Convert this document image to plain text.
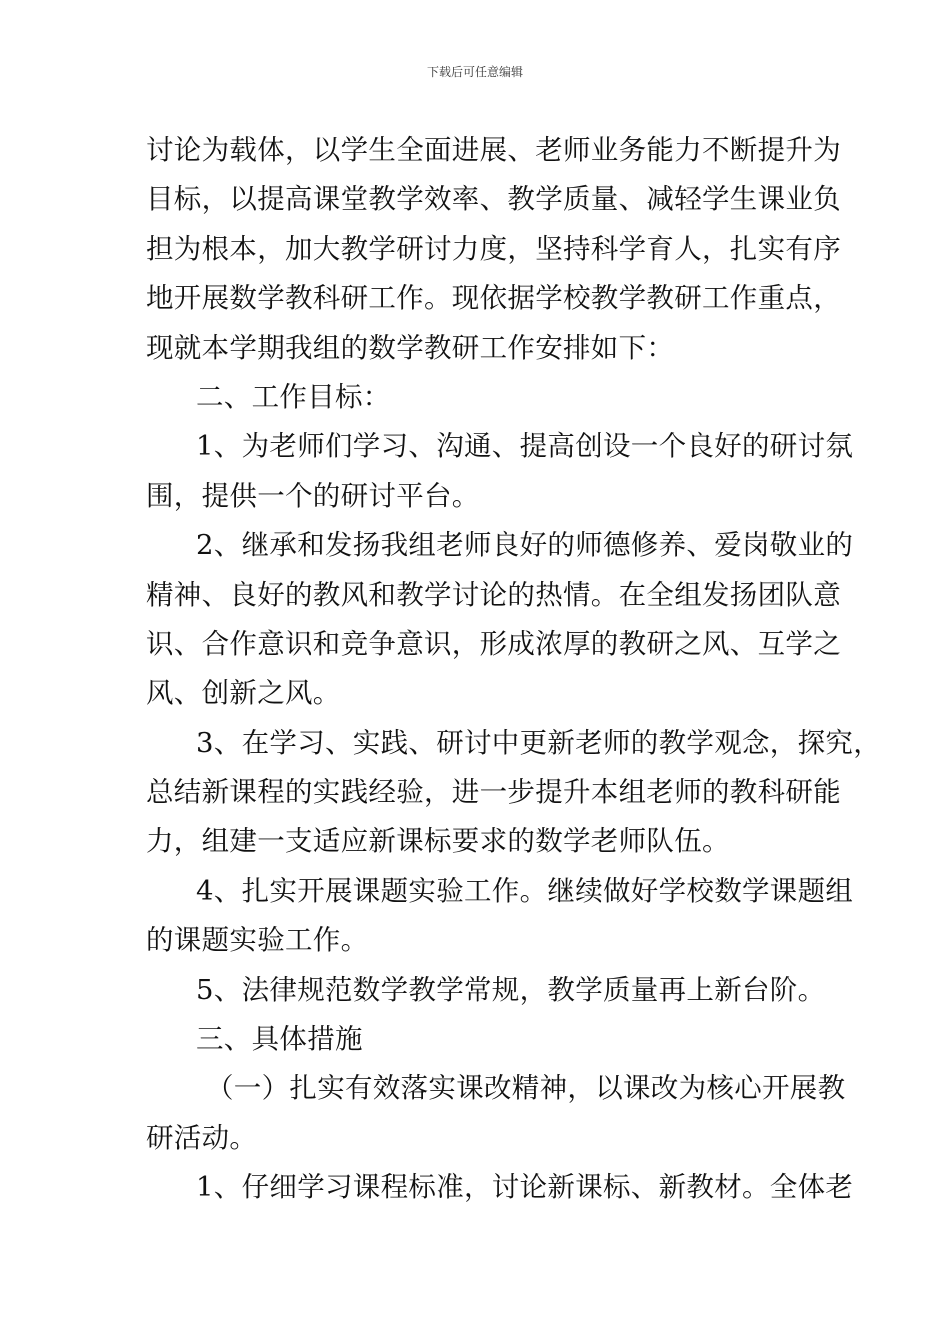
下载后可任意编辑
讨论为载体，以学生全面进展、老师业务能力不断提升为
目标，以提高课堂教学效率、教学质量、减轻学生课业负
担为根本，加大教学研讨力度，坚持科学育人，扎实有序
地开展数学教科研工作。现依据学校教学教研工作重点，
现就本学期我组的数学教研工作安排如下：
二、工作目标：
1、为老师们学习、沟通、提高创设一个良好的研讨氛
围，提供一个的研讨平台。
2、继承和发扬我组老师良好的师德修养、爱岗敬业的
精神、良好的教风和教学讨论的热情。在全组发扬团队意
识、合作意识和竞争意识，形成浓厚的教研之风、互学之
风、创新之风。
3、在学习、实践、研讨中更新老师的教学观念，探究，
总结新课程的实践经验，进一步提升本组老师的教科研能
力，组建一支适应新课标要求的数学老师队伍。
4、扎实开展课题实验工作。继续做好学校数学课题组
的课题实验工作。
5、法律规范数学教学常规，教学质量再上新台阶。
三、具体措施
（一）扎实有效落实课改精神，以课改为核心开展教
研活动。
1、仔细学习课程标准，讨论新课标、新教材。全体老
